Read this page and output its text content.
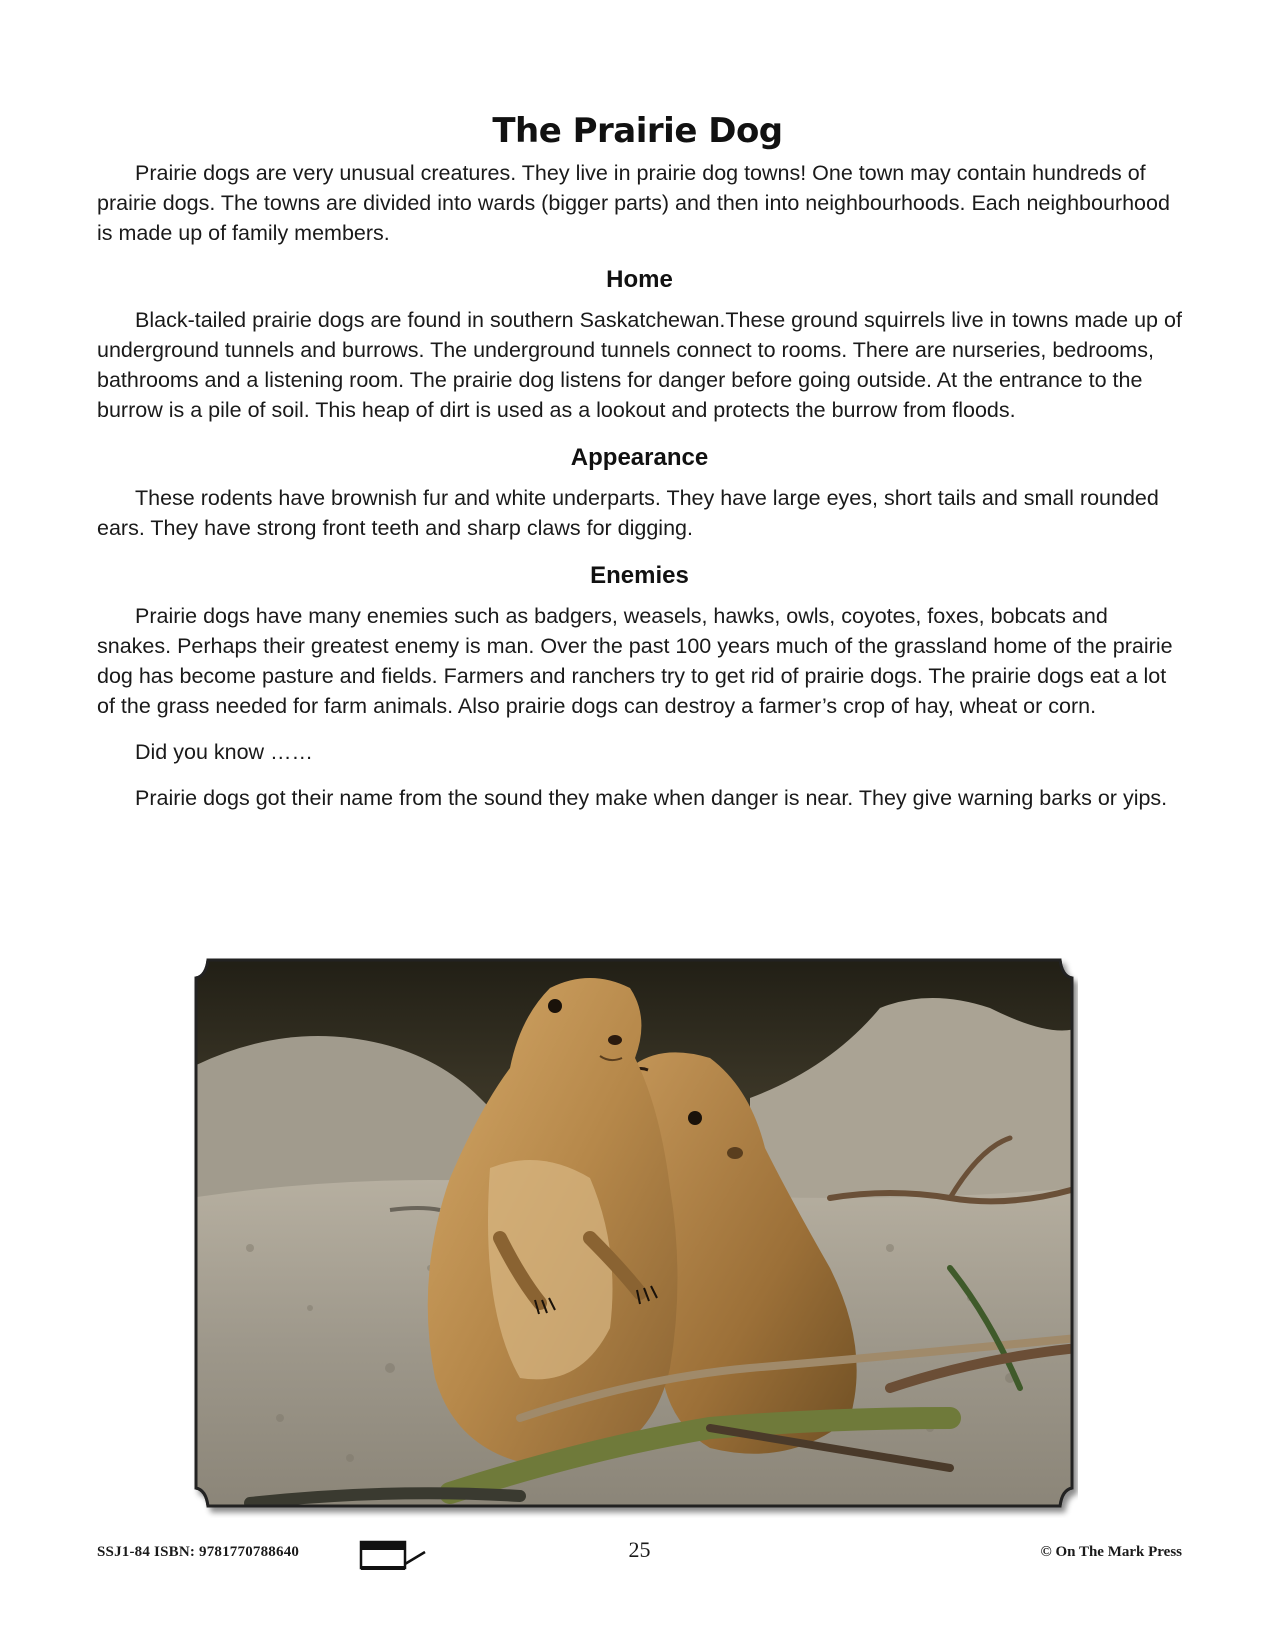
The Prairie Dog

Prairie dogs are very unusual creatures. They live in prairie dog towns! One town may contain hundreds of prairie dogs. The towns are divided into wards (bigger parts) and then into neighbourhoods. Each neighbourhood is made up of family members.

Home

Black-tailed prairie dogs are found in southern Saskatchewan.These ground squirrels live in towns made up of underground tunnels and burrows. The underground tunnels connect to rooms. There are nurseries, bedrooms, bathrooms and a listening room. The prairie dog listens for danger before going outside. At the entrance to the burrow is a pile of soil. This heap of dirt is used as a lookout and protects the burrow from floods.

Appearance

These rodents have brownish fur and white underparts. They have large eyes, short tails and small rounded ears. They have strong front teeth and sharp claws for digging.

Enemies

Prairie dogs have many enemies such as badgers, weasels, hawks, owls, coyotes, foxes, bobcats and snakes. Perhaps their greatest enemy is man. Over the past 100 years much of the grassland home of the prairie dog has become pasture and fields. Farmers and ranchers try to get rid of prairie dogs. The prairie dogs eat a lot of the grass needed for farm animals. Also prairie dogs can destroy a farmer’s crop of hay, wheat or corn.

Did you know ……

Prairie dogs got their name from the sound they make when danger is near. They give warning barks or yips.

SSJ1-84 ISBN: 9781770788640	25	© On The Mark Press
